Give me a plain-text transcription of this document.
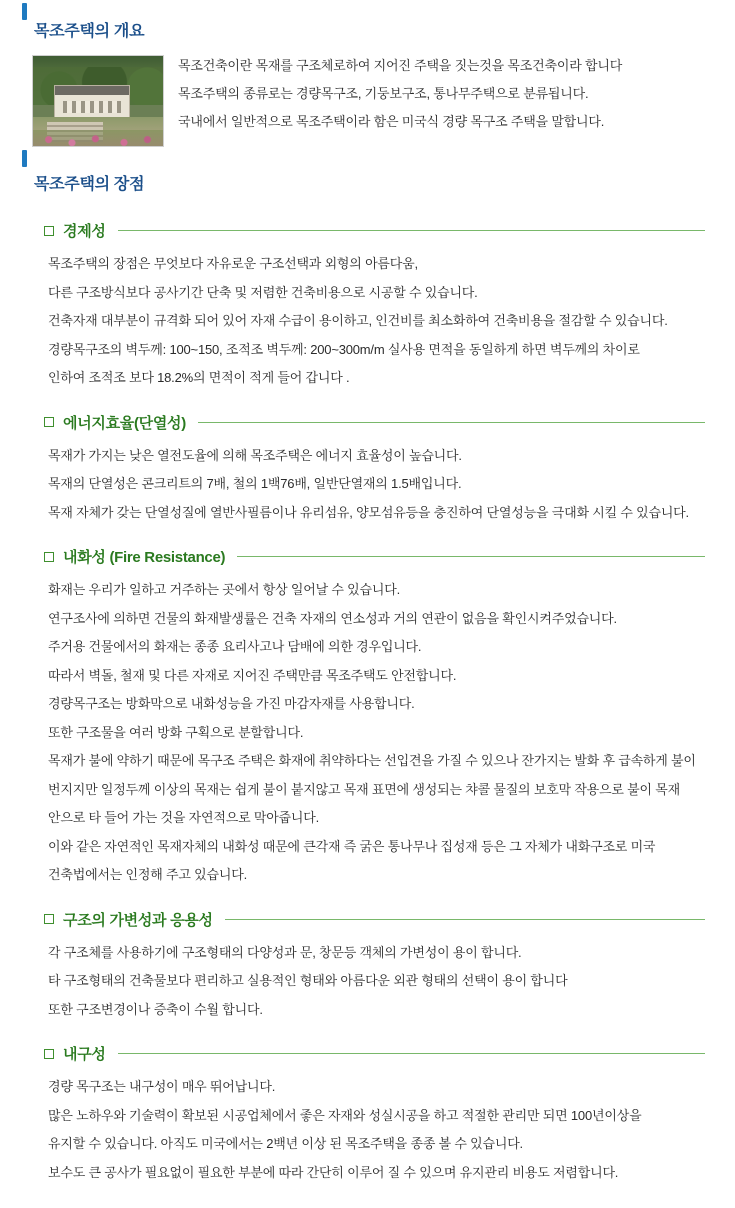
목조주택의 개요

목조건축이란 목재를 구조체로하여 지어진 주택을 짓는것을 목조건축이라 합니다

목조주택의 종류로는 경량목구조, 기둥보구조, 통나무주택으로 분류됩니다.

국내에서 일반적으로 목조주택이라 함은 미국식 경량 목구조 주택을 말합니다.

목조주택의 장점
경제성

목조주택의 장점은 무엇보다 자유로운 구조선택과 외형의 아름다움,

다른 구조방식보다 공사기간 단축 및 저렴한 건축비용으로 시공할 수 있습니다.

건축자재 대부분이 규격화 되어 있어 자재 수급이 용이하고, 인건비를 최소화하여 건축비용을 절감할 수 있습니다.

경량목구조의 벽두께: 100~150, 조적조 벽두께: 200~300m/m 실사용 면적을 동일하게 하면 벽두께의 차이로

인하여 조적조 보다 18.2%의 면적이 적게 들어 갑니다 .

에너지효율(단열성)

목재가 가지는 낮은 열전도율에 의해 목조주택은 에너지 효율성이 높습니다.

목재의 단열성은 콘크리트의 7배, 철의 1백76배, 일반단열재의 1.5배입니다.

목재 자체가 갖는 단열성질에 열반사필름이나 유리섬유, 양모섬유등을 충진하여 단열성능을 극대화 시킬 수 있습니다.

내화성 (Fire Resistance)

화재는 우리가 일하고 거주하는 곳에서 항상 일어날 수 있습니다.

연구조사에 의하면 건물의 화재발생률은 건축 자재의 연소성과 거의 연관이 없음을 확인시켜주었습니다.

주거용 건물에서의 화재는 종종 요리사고나 담배에 의한 경우입니다.

따라서 벽돌, 철재 및 다른 자재로 지어진 주택만큼 목조주택도 안전합니다.

경량목구조는 방화막으로 내화성능을 가진 마감자재를 사용합니다.

또한 구조물을 여러 방화 구획으로 분할합니다.

목재가 불에 약하기 때문에 목구조 주택은 화재에 취약하다는 선입견을 가질 수 있으나 잔가지는 발화 후 급속하게 불이

번지지만 일정두께 이상의 목재는 쉽게 불이 붙지않고 목재 표면에 생성되는 챠콜 물질의 보호막 작용으로 불이 목재

안으로 타 들어 가는 것을 자연적으로 막아줍니다.

이와 같은 자연적인 목재자체의 내화성 때문에 큰각재 즉 굵은 통나무나 집성재 등은 그 자체가 내화구조로 미국

건축법에서는 인정해 주고 있습니다.

구조의 가변성과 응용성

각 구조체를 사용하기에 구조형태의 다양성과 문, 창문등 객체의 가변성이 용이 합니다.

타 구조형태의 건축물보다 편리하고 실용적인 형태와 아름다운 외관 형태의 선택이 용이 합니다

또한 구조변경이나 증축이 수월 합니다.

내구성

경량 목구조는 내구성이 매우 뛰어납니다.

많은 노하우와 기술력이 확보된 시공업체에서 좋은 자재와 성실시공을 하고 적절한 관리만 되면 100년이상을

유지할 수 있습니다. 아직도 미국에서는 2백년 이상 된 목조주택을 종종 볼 수 있습니다.

보수도 큰 공사가 필요없이 필요한 부분에 따라 간단히 이루어 질 수 있으며 유지관리 비용도 저렴합니다.
